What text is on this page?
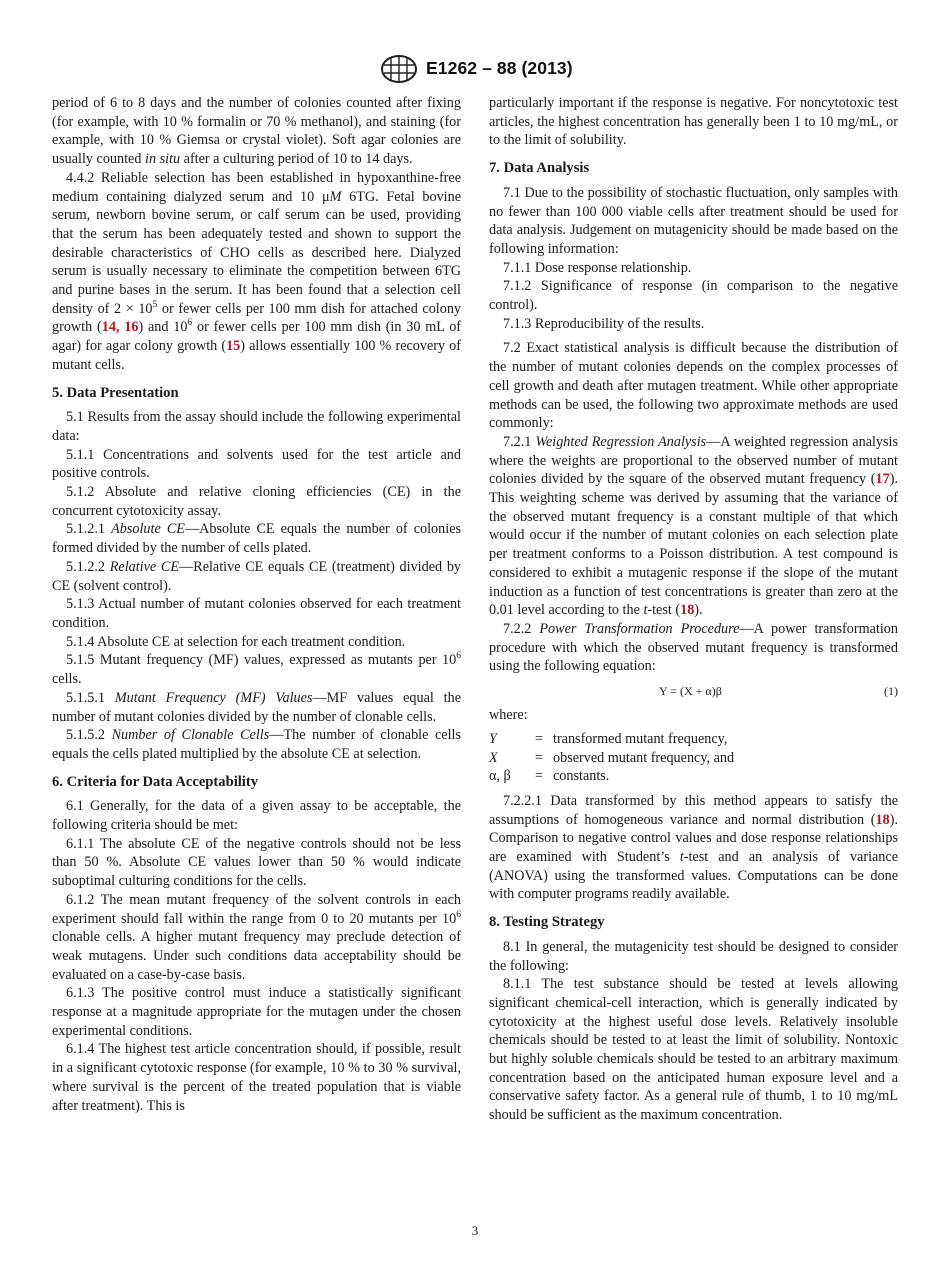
E1262 – 88 (2013)

period of 6 to 8 days and the number of colonies counted after fixing (for example, with 10 % formalin or 70 % methanol), and staining (for example, with 10 % Giemsa or crystal violet). Soft agar colonies are usually counted in situ after a culturing period of 10 to 14 days.

4.4.2 Reliable selection has been established in hypoxanthine-free medium containing dialyzed serum and 10 μM 6TG. Fetal bovine serum, newborn bovine serum, or calf serum can be used, providing that the serum has been adequately tested and shown to support the desirable characteristics of CHO cells as described here. Dialyzed serum is usually necessary to eliminate the competition between 6TG and purine bases in the serum. It has been found that a selection cell density of $2 \times 10^5$ or fewer cells per 100 mm dish for attached colony growth (14, 16) and $10^6$ or fewer cells per 100 mm dish (in 30 mL of agar) for agar colony growth (15) allows essentially 100 % recovery of mutant cells.

5. Data Presentation

5.1 Results from the assay should include the following experimental data:

5.1.1 Concentrations and solvents used for the test article and positive controls.

5.1.2 Absolute and relative cloning efficiencies (CE) in the concurrent cytotoxicity assay.

5.1.2.1 Absolute CE—Absolute CE equals the number of colonies formed divided by the number of cells plated.

5.1.2.2 Relative CE—Relative CE equals CE (treatment) divided by CE (solvent control).

5.1.3 Actual number of mutant colonies observed for each treatment condition.

5.1.4 Absolute CE at selection for each treatment condition.

5.1.5 Mutant frequency (MF) values, expressed as mutants per $10^6$ cells.

5.1.5.1 Mutant Frequency (MF) Values—MF values equal the number of mutant colonies divided by the number of clonable cells.

5.1.5.2 Number of Clonable Cells—The number of clonable cells equals the cells plated multiplied by the absolute CE at selection.

6. Criteria for Data Acceptability

6.1 Generally, for the data of a given assay to be acceptable, the following criteria should be met:

6.1.1 The absolute CE of the negative controls should not be less than 50 %. Absolute CE values lower than 50 % would indicate suboptimal culturing conditions for the cells.

6.1.2 The mean mutant frequency of the solvent controls in each experiment should fall within the range from 0 to 20 mutants per $10^6$ clonable cells. A higher mutant frequency may preclude detection of weak mutagens. Under such conditions data acceptability should be evaluated on a case-by-case basis.

6.1.3 The positive control must induce a statistically significant response at a magnitude appropriate for the mutagen under the chosen experimental conditions.

6.1.4 The highest test article concentration should, if possible, result in a significant cytotoxic response (for example, 10 % to 30 % survival, where survival is the percent of the treated population that is viable after treatment). This is

particularly important if the response is negative. For noncytotoxic test articles, the highest concentration has generally been 1 to 10 mg/mL, or to the limit of solubility.

7. Data Analysis

7.1 Due to the possibility of stochastic fluctuation, only samples with no fewer than 100 000 viable cells after treatment should be used for data analysis. Judgement on mutagenicity should be made based on the following information:

7.1.1 Dose response relationship.

7.1.2 Significance of response (in comparison to the negative control).

7.1.3 Reproducibility of the results.

7.2 Exact statistical analysis is difficult because the distribution of the number of mutant colonies depends on the complex processes of cell growth and death after mutagen treatment. While other appropriate methods can be used, the following two approximate methods are used commonly:

7.2.1 Weighted Regression Analysis—A weighted regression analysis where the weights are proportional to the observed number of mutant colonies divided by the square of the observed mutant frequency (17). This weighting scheme was derived by assuming that the variance of the observed mutant frequency is a constant multiple of that which would occur if the number of mutant colonies on each selection plate per treatment conforms to a Poisson distribution. A test compound is considered to exhibit a mutagenic response if the slope of the mutant induction as a function of test concentrations is greater than zero at the 0.01 level according to the t-test (18).

7.2.2 Power Transformation Procedure—A power transformation procedure with which the observed mutant frequency is transformed using the following equation:

Y = (X + α)β	(1)

where:

Y	= transformed mutant frequency,
X	= observed mutant frequency, and
α, β	= constants.

7.2.2.1 Data transformed by this method appears to satisfy the assumptions of homogeneous variance and normal distribution (18). Comparison to negative control values and dose response relationships are examined with Student’s t-test and an analysis of variance (ANOVA) using the transformed values. Computations can be done with computer programs readily available.

8. Testing Strategy

8.1 In general, the mutagenicity test should be designed to consider the following:

8.1.1 The test substance should be tested at levels allowing significant chemical-cell interaction, which is generally indicated by cytotoxicity at the highest useful dose levels. Relatively insoluble chemicals should be tested to at least the limit of solubility. Nontoxic but highly soluble chemicals should be tested to an arbitrary maximum concentration based on the anticipated human exposure level and a conservative safety factor. As a general rule of thumb, 1 to 10 mg/mL should be sufficient as the maximum concentration.

3
